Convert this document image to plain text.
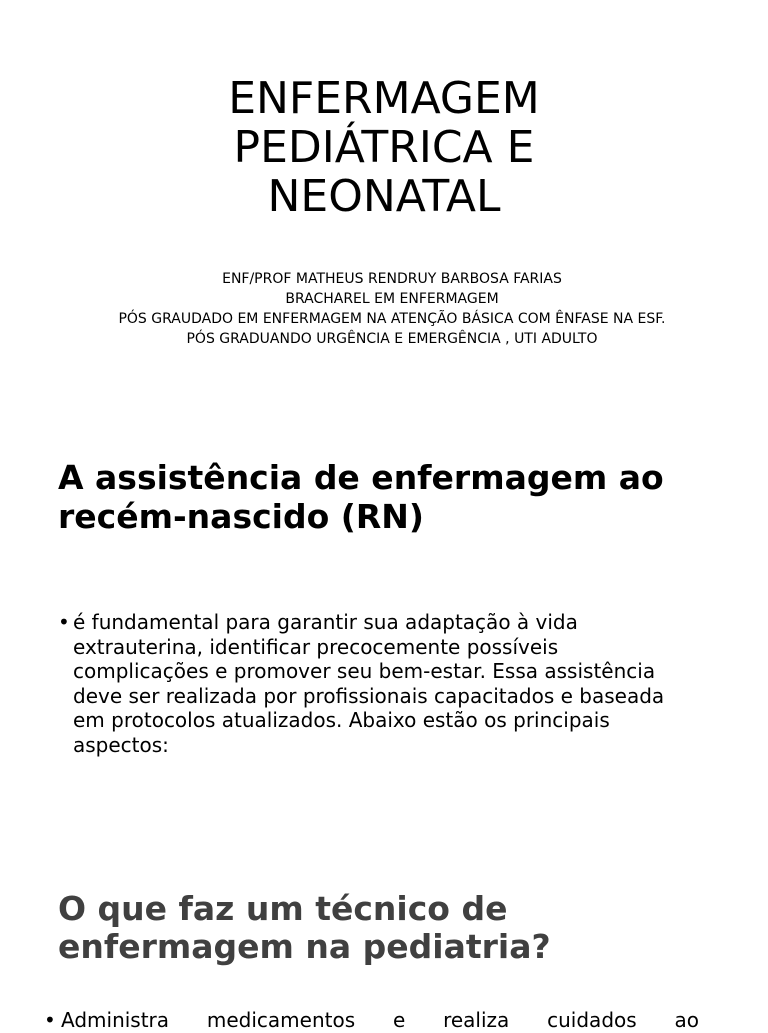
ENFERMAGEM
PEDIÁTRICA E
NEONATAL
ENF/PROF MATHEUS RENDRUY BARBOSA FARIAS
BRACHAREL EM ENFERMAGEM
PÓS GRAUDADO EM ENFERMAGEM NA ATENÇÃO BÁSICA COM ÊNFASE NA ESF.
PÓS GRADUANDO URGÊNCIA E EMERGÊNCIA , UTI ADULTO
A assistência de enfermagem ao recém-nascido (RN)
• é fundamental para garantir sua adaptação à vida extrauterina, identificar precocemente possíveis complicações e promover seu bem-estar. Essa assistência deve ser realizada por profissionais capacitados e baseada em protocolos atualizados. Abaixo estão os principais aspectos:
O que faz um técnico de enfermagem na pediatria?
• Administra medicamentos e realiza cuidados ao
